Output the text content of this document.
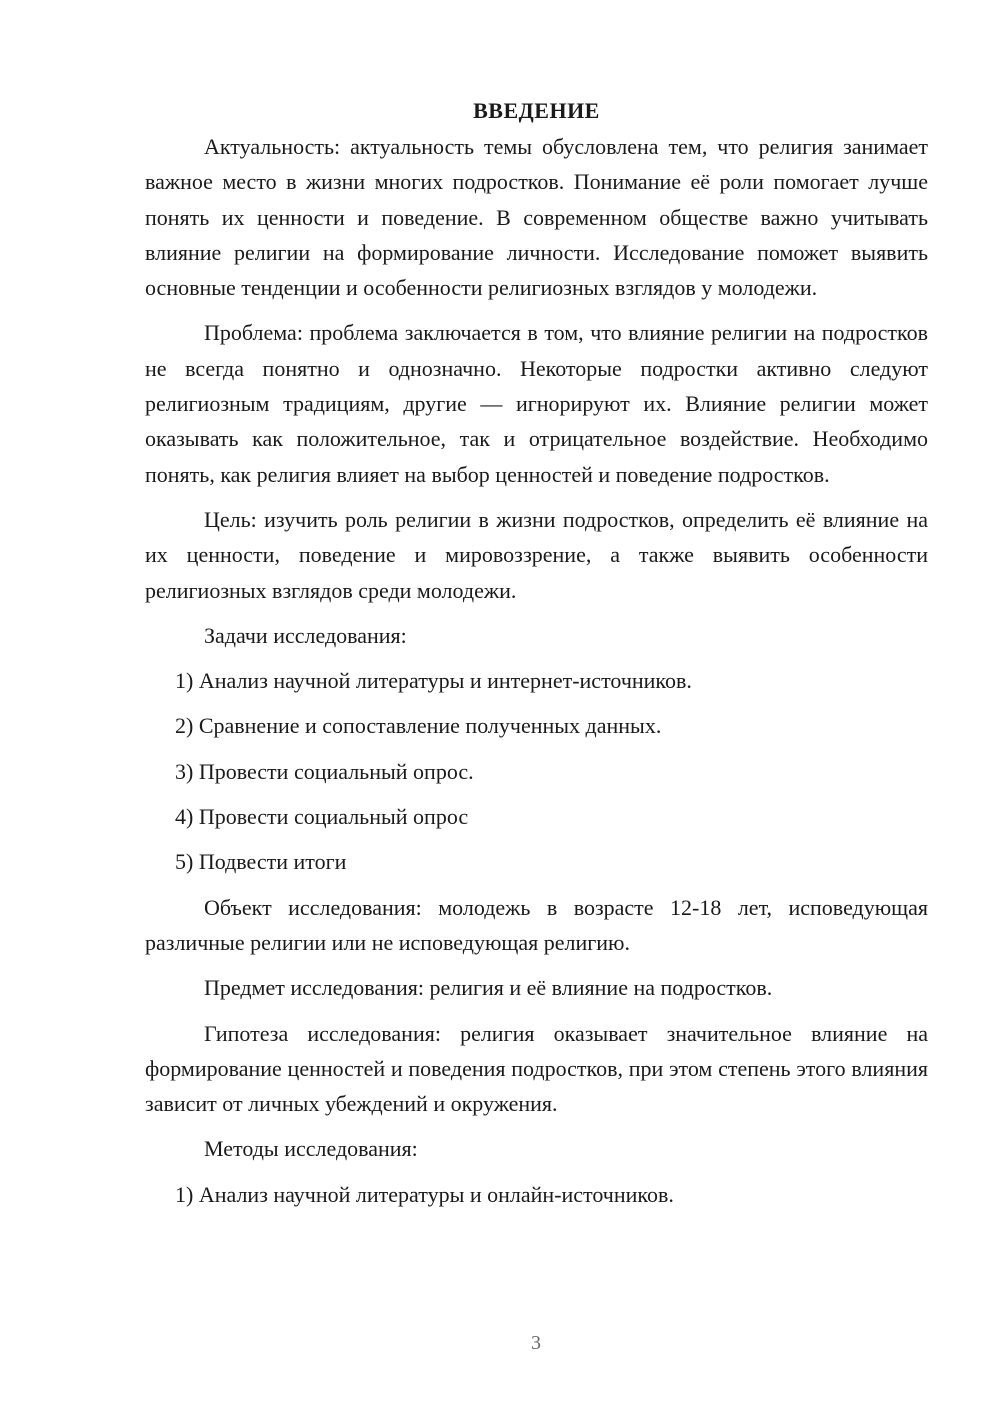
ВВЕДЕНИЕ

Актуальность: актуальность темы обусловлена тем, что религия занимает важное место в жизни многих подростков. Понимание её роли помогает лучше понять их ценности и поведение. В современном обществе важно учитывать влияние религии на формирование личности. Исследование поможет выявить основные тенденции и особенности религиозных взглядов у молодежи.

Проблема: проблема заключается в том, что влияние религии на подростков не всегда понятно и однозначно. Некоторые подростки активно следуют религиозным традициям, другие — игнорируют их. Влияние религии может оказывать как положительное, так и отрицательное воздействие. Необходимо понять, как религия влияет на выбор ценностей и поведение подростков.

Цель: изучить роль религии в жизни подростков, определить её влияние на их ценности, поведение и мировоззрение, а также выявить особенности религиозных взглядов среди молодежи.

Задачи исследования:
1) Анализ научной литературы и интернет-источников.
2) Сравнение и сопоставление полученных данных.
3) Провести социальный опрос.
4) Провести социальный опрос
5) Подвести итоги

Объект исследования: молодежь в возрасте 12-18 лет, исповедующая различные религии или не исповедующая религию.

Предмет исследования: религия и её влияние на подростков.

Гипотеза исследования: религия оказывает значительное влияние на формирование ценностей и поведения подростков, при этом степень этого влияния зависит от личных убеждений и окружения.

Методы исследования:
1) Анализ научной литературы и онлайн-источников.
3
